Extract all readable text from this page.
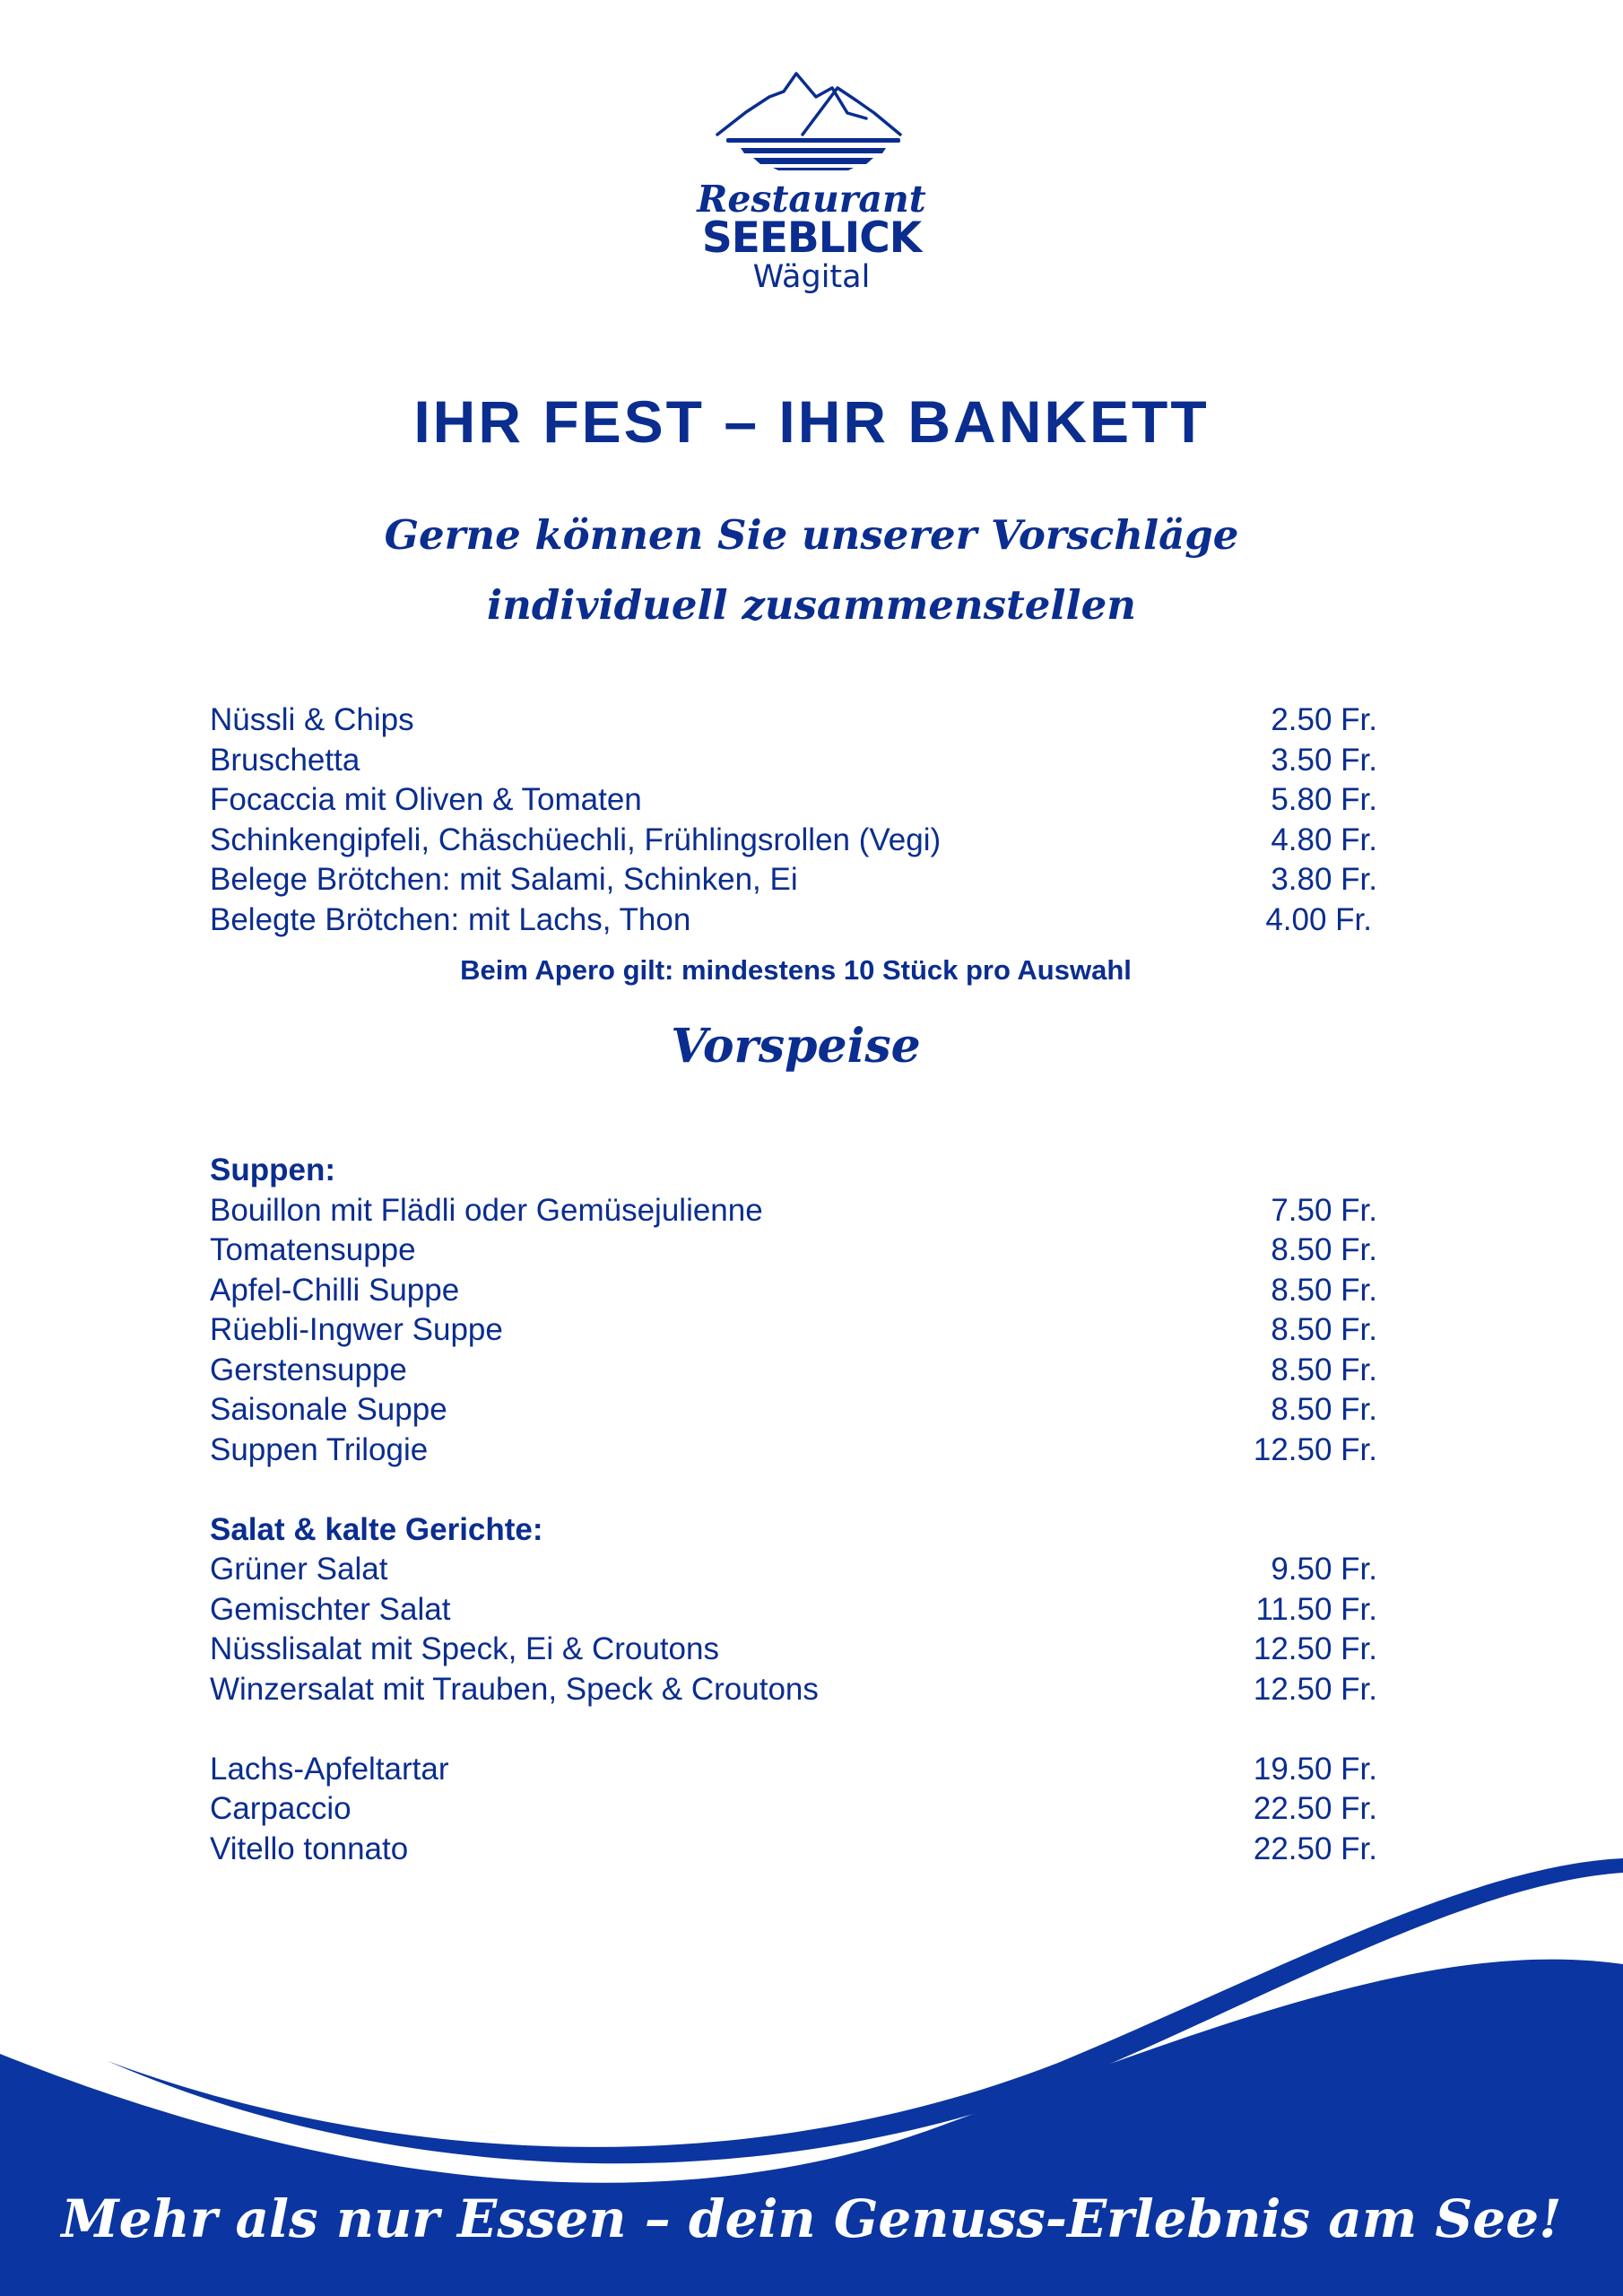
Restaurant
SEEBLICK
Wägital
IHR FEST – IHR BANKETT
Gerne können Sie unserer Vorschläge
individuell zusammenstellen
Nüssli & Chips	2.50 Fr.
Bruschetta	3.50 Fr.
Focaccia mit Oliven & Tomaten	5.80 Fr.
Schinkengipfeli, Chäschüechli, Frühlingsrollen (Vegi)	4.80 Fr.
Belege Brötchen: mit Salami, Schinken, Ei	3.80 Fr.
Belegte Brötchen: mit Lachs, Thon	4.00 Fr.
Beim Apero gilt: mindestens 10 Stück pro Auswahl
Vorspeise
Suppen:
Bouillon mit Flädli oder Gemüsejulienne	7.50 Fr.
Tomatensuppe	8.50 Fr.
Apfel-Chilli Suppe	8.50 Fr.
Rüebli-Ingwer Suppe	8.50 Fr.
Gerstensuppe	8.50 Fr.
Saisonale Suppe	8.50 Fr.
Suppen Trilogie	12.50 Fr.
Salat & kalte Gerichte:
Grüner Salat	9.50 Fr.
Gemischter Salat	11.50 Fr.
Nüsslisalat mit Speck, Ei & Croutons	12.50 Fr.
Winzersalat mit Trauben, Speck & Croutons	12.50 Fr.
Lachs-Apfeltartar	19.50 Fr.
Carpaccio	22.50 Fr.
Vitello tonnato	22.50 Fr.
Mehr als nur Essen – dein Genuss-Erlebnis am See!
